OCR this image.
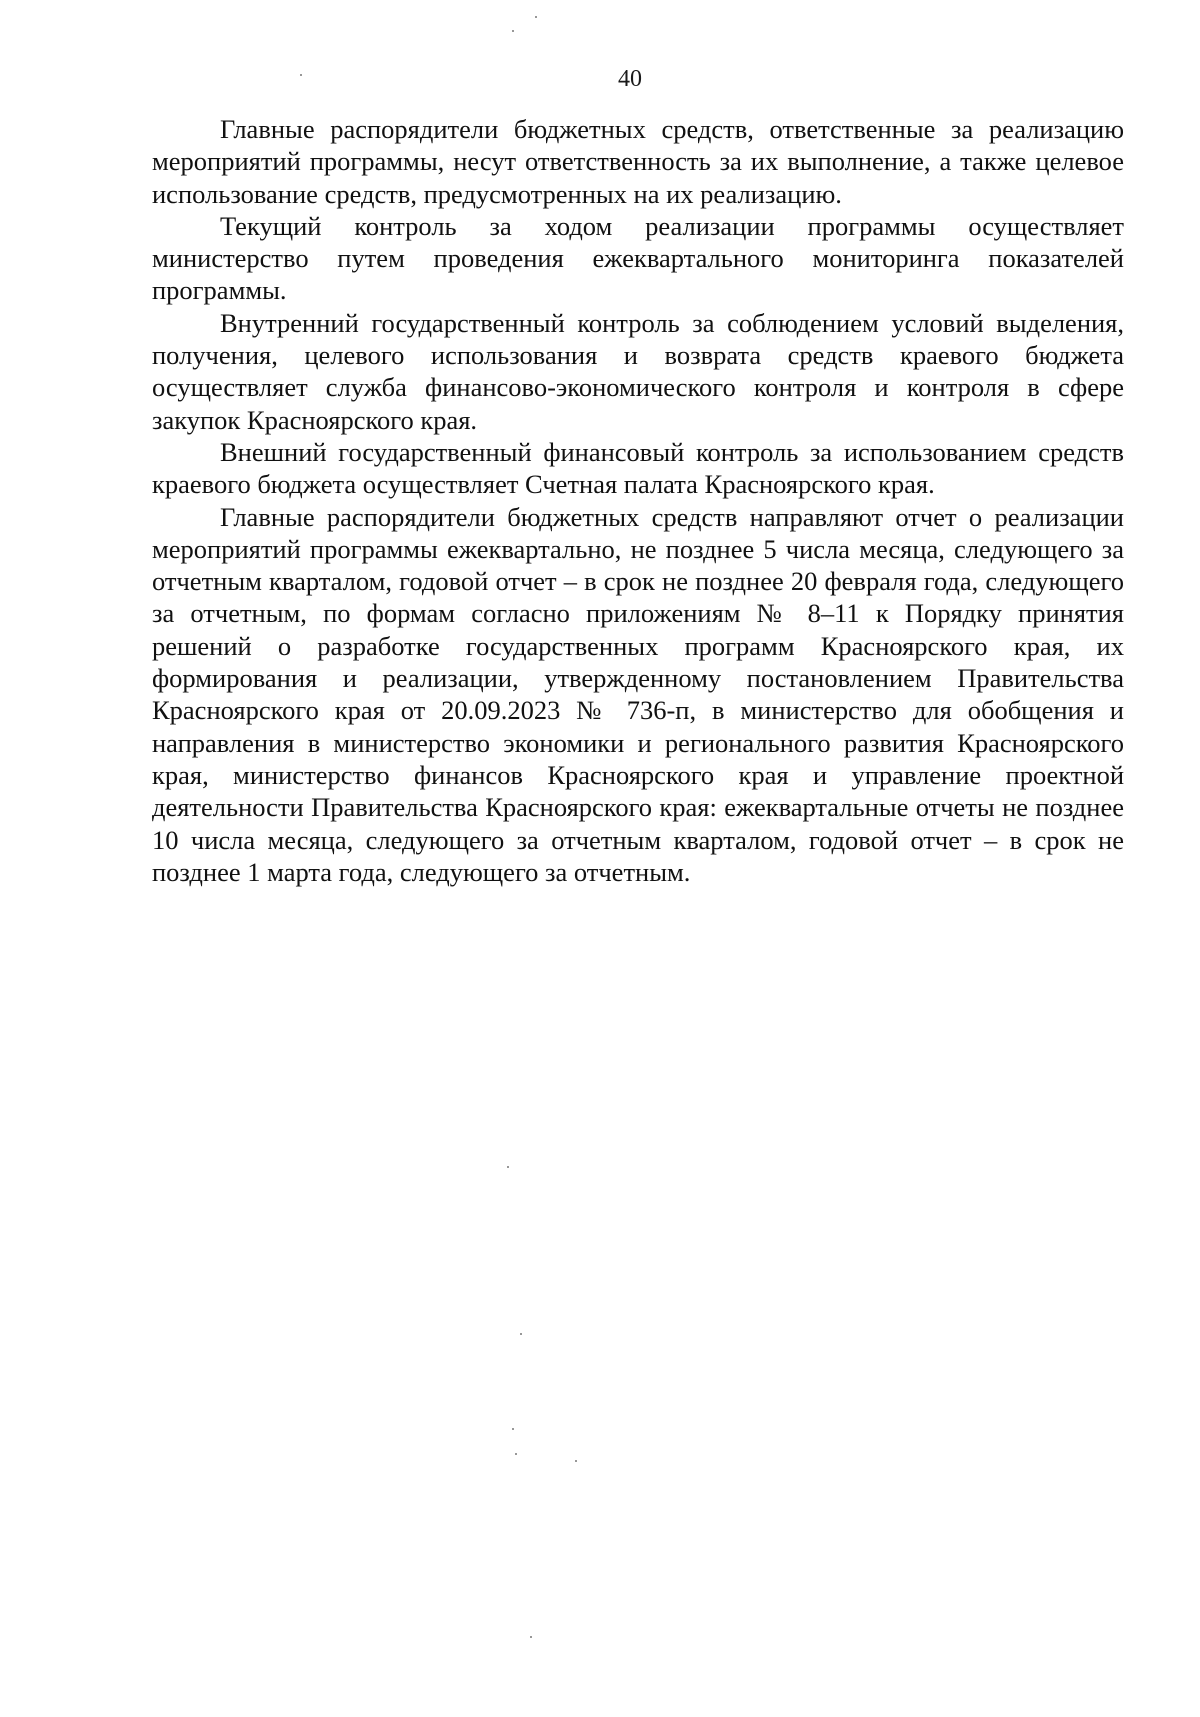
40

Главные распорядители бюджетных средств, ответственные за реализацию мероприятий программы, несут ответственность за их выполнение, а также целевое использование средств, предусмотренных на их реализацию.

Текущий контроль за ходом реализации программы осуществляет министерство путем проведения ежеквартального мониторинга показателей программы.

Внутренний государственный контроль за соблюдением условий выделения, получения, целевого использования и возврата средств краевого бюджета осуществляет служба финансово-экономического контроля и контроля в сфере закупок Красноярского края.

Внешний государственный финансовый контроль за использованием средств краевого бюджета осуществляет Счетная палата Красноярского края.

Главные распорядители бюджетных средств направляют отчет о реализации мероприятий программы ежеквартально, не позднее 5 числа месяца, следующего за отчетным кварталом, годовой отчет – в срок не позднее 20 февраля года, следующего за отчетным, по формам согласно приложениям № 8–11 к Порядку принятия решений о разработке государственных программ Красноярского края, их формирования и реализации, утвержденному постановлением Правительства Красноярского края от 20.09.2023 № 736-п, в министерство для обобщения и направления в министерство экономики и регионального развития Красноярского края, министерство финансов Красноярского края и управление проектной деятельности Правительства Красноярского края: ежеквартальные отчеты не позднее 10 числа месяца, следующего за отчетным кварталом, годовой отчет – в срок не позднее 1 марта года, следующего за отчетным.
